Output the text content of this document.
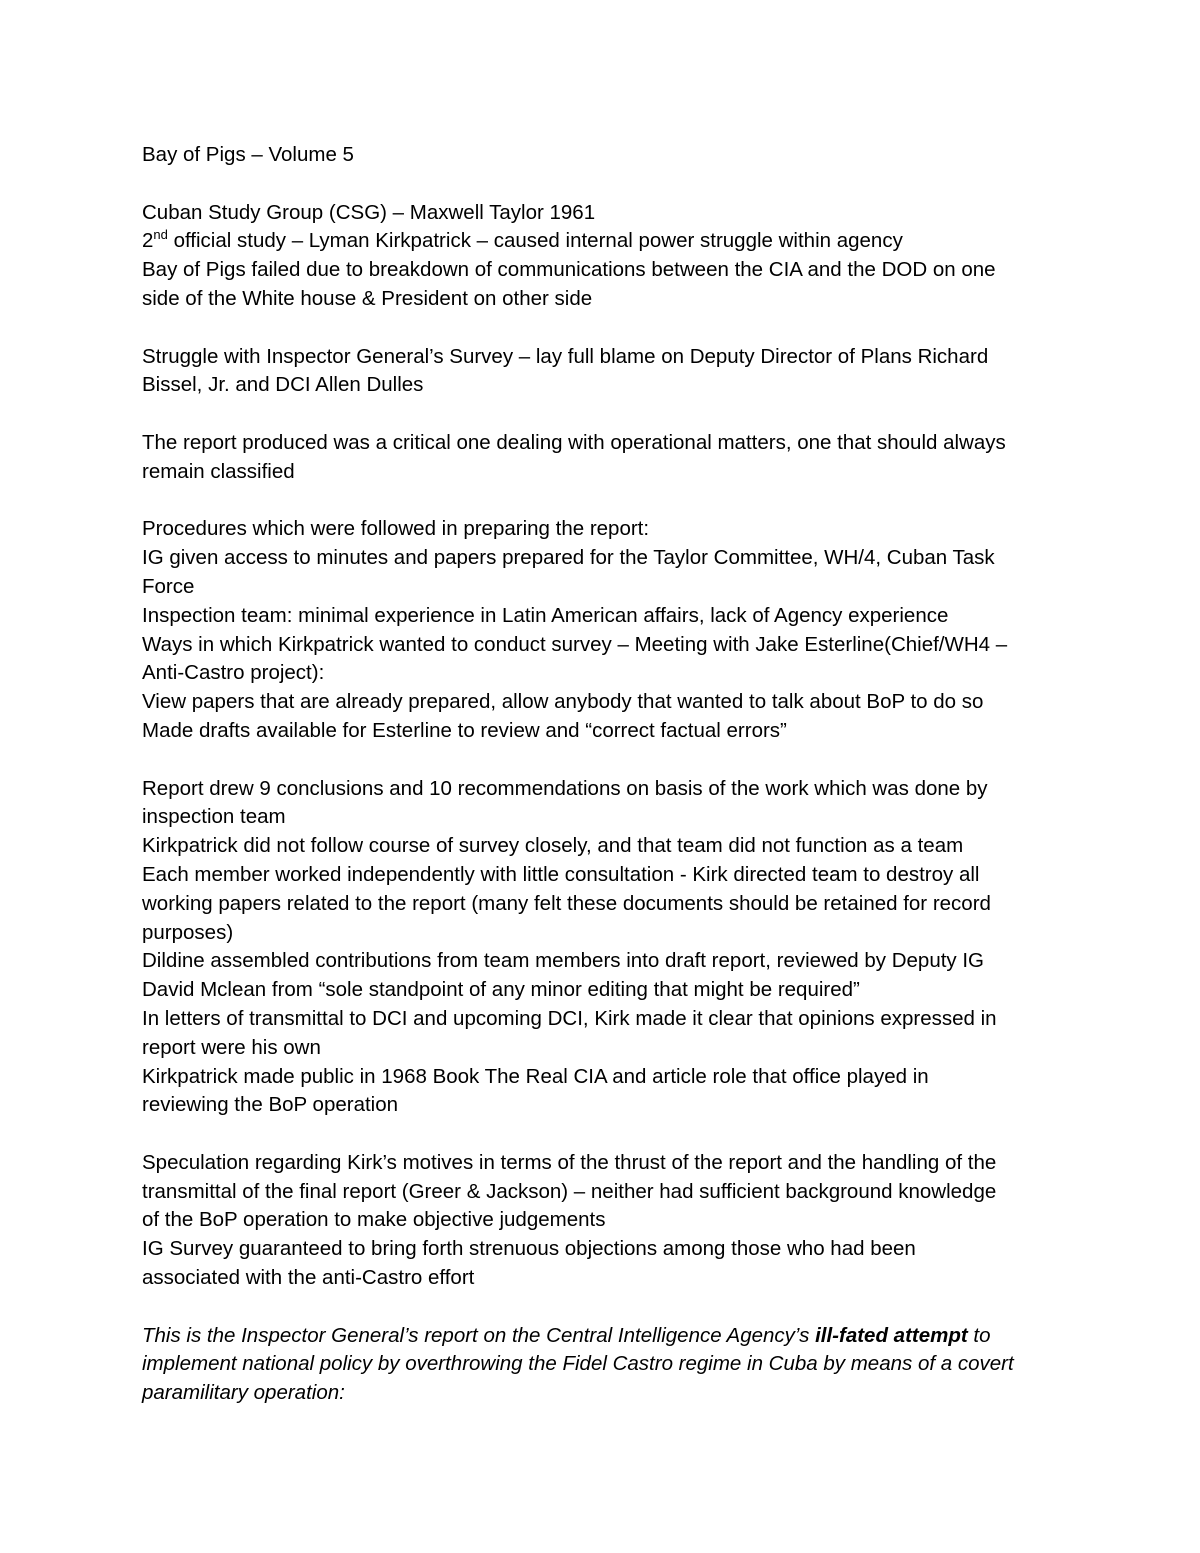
Bay of Pigs – Volume 5
Cuban Study Group (CSG) – Maxwell Taylor 1961
2nd official study – Lyman Kirkpatrick – caused internal power struggle within agency
Bay of Pigs failed due to breakdown of communications between the CIA and the DOD on one
side of the White house & President on other side
Struggle with Inspector General’s Survey – lay full blame on Deputy Director of Plans Richard
Bissel, Jr. and DCI Allen Dulles
The report produced was a critical one dealing with operational matters, one that should always
remain classified
Procedures which were followed in preparing the report:
IG given access to minutes and papers prepared for the Taylor Committee, WH/4, Cuban Task
Force
Inspection team: minimal experience in Latin American affairs, lack of Agency experience
Ways in which Kirkpatrick wanted to conduct survey – Meeting with Jake Esterline(Chief/WH4 –
Anti-Castro project):
View papers that are already prepared, allow anybody that wanted to talk about BoP to do so
Made drafts available for Esterline to review and “correct factual errors”
Report drew 9 conclusions and 10 recommendations on basis of the work which was done by
inspection team
Kirkpatrick did not follow course of survey closely, and that team did not function as a team
Each member worked independently with little consultation - Kirk directed team to destroy all
working papers related to the report (many felt these documents should be retained for record
purposes)
Dildine assembled contributions from team members into draft report, reviewed by Deputy IG
David Mclean from “sole standpoint of any minor editing that might be required”
In letters of transmittal to DCI and upcoming DCI, Kirk made it clear that opinions expressed in
report were his own
Kirkpatrick made public in 1968 Book The Real CIA and article role that office played in
reviewing the BoP operation
Speculation regarding Kirk’s motives in terms of the thrust of the report and the handling of the
transmittal of the final report (Greer & Jackson) – neither had sufficient background knowledge
of the BoP operation to make objective judgements
IG Survey guaranteed to bring forth strenuous objections among those who had been
associated with the anti-Castro effort
This is the Inspector General’s report on the Central Intelligence Agency’s ill-fated attempt to
implement national policy by overthrowing the Fidel Castro regime in Cuba by means of a covert
paramilitary operation:
